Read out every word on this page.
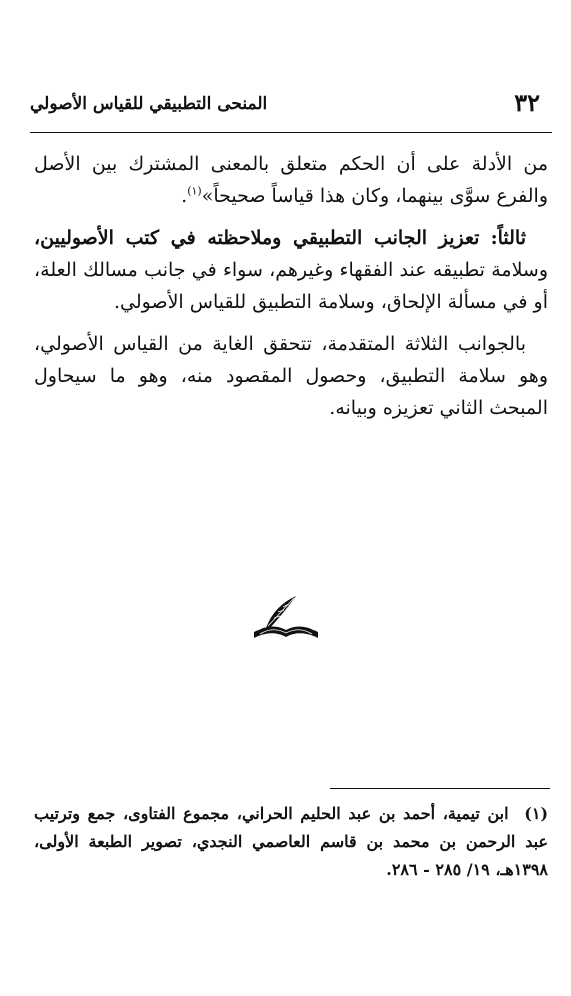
٣٢
المنحى التطبيقي للقياس الأصولي

من الأدلة على أن الحكم متعلق بالمعنى المشترك بين الأصل والفرع سوَّى بينهما، وكان هذا قياساً صحيحاً»$^{(١)}$.

ثالثاً: تعزيز الجانب التطبيقي وملاحظته في كتب الأصوليين، وسلامة تطبيقه عند الفقهاء وغيرهم، سواء في جانب مسالك العلة، أو في مسألة الإلحاق، وسلامة التطبيق للقياس الأصولي.

بالجوانب الثلاثة المتقدمة، تتحقق الغاية من القياس الأصولي، وهو سلامة التطبيق، وحصول المقصود منه، وهو ما سيحاول المبحث الثاني تعزيزه وبيانه.

(١) ابن تيمية، أحمد بن عبد الحليم الحراني، مجموع الفتاوى، جمع وترتيب عبد الرحمن بن محمد بن قاسم العاصمي النجدي، تصوير الطبعة الأولى، ١٣٩٨هـ، ١٩/ ٢٨٥ - ٢٨٦.
